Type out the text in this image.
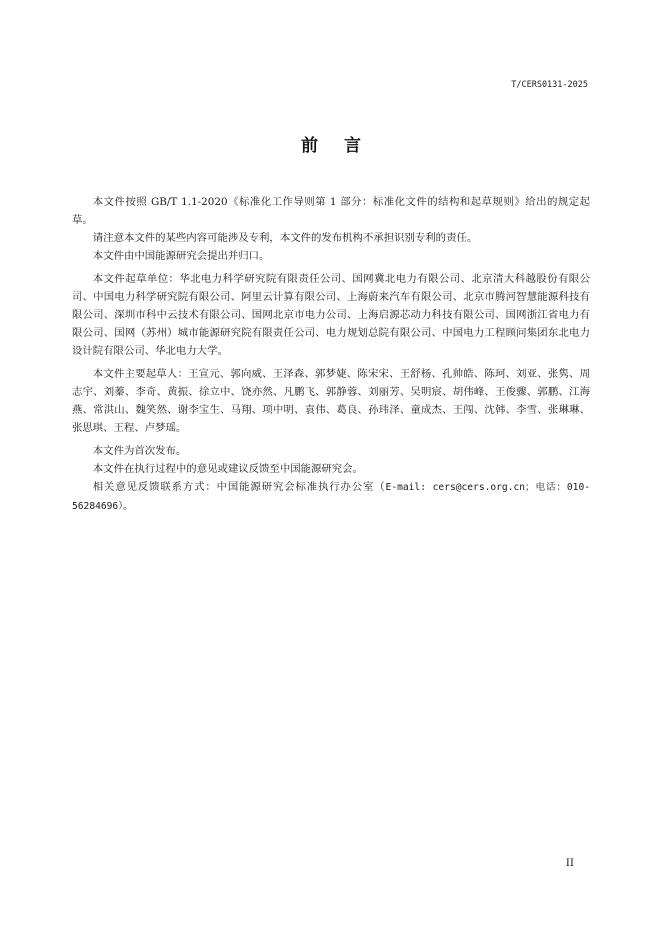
T/CERS0131-2025
前言

本文件按照 GB/T 1.1-2020《标准化工作导则第 1 部分：标准化文件的结构和起草规则》给出的规定起草。

请注意本文件的某些内容可能涉及专利，本文件的发布机构不承担识别专利的责任。

本文件由中国能源研究会提出并归口。

本文件起草单位：华北电力科学研究院有限责任公司、国网冀北电力有限公司、北京清大科越股份有限公司、中国电力科学研究院有限公司、阿里云计算有限公司、上海蔚来汽车有限公司、北京市腾河智慧能源科技有限公司、深圳市科中云技术有限公司、国网北京市电力公司、上海启源芯动力科技有限公司、国网浙江省电力有限公司、国网（苏州）城市能源研究院有限责任公司、电力规划总院有限公司、中国电力工程顾问集团东北电力设计院有限公司、华北电力大学。

本文件主要起草人：王宣元、郭向威、王泽森、郭梦婕、陈宋宋、王舒杨、孔帅皓、陈珂、刘亚、张隽、周志宇、刘蓁、李奇、黄振、徐立中、饶亦然、凡鹏飞、郭静蓉、刘丽芳、吴明宸、胡伟峰、王俊骤、郭鹏、江海燕、常洪山、魏笑然、谢李宝生、马翔、项中明、袁伟、葛良、孙玮泽、童成杰、王闯、沈韩、李雪、张琳琳、张思琪、王程、卢梦瑶。

本文件为首次发布。

本文件在执行过程中的意见或建议反馈至中国能源研究会。

相关意见反馈联系方式：中国能源研究会标准执行办公室（E-mail: cers@cers.org.cn；电话：010-56284696）。

II
